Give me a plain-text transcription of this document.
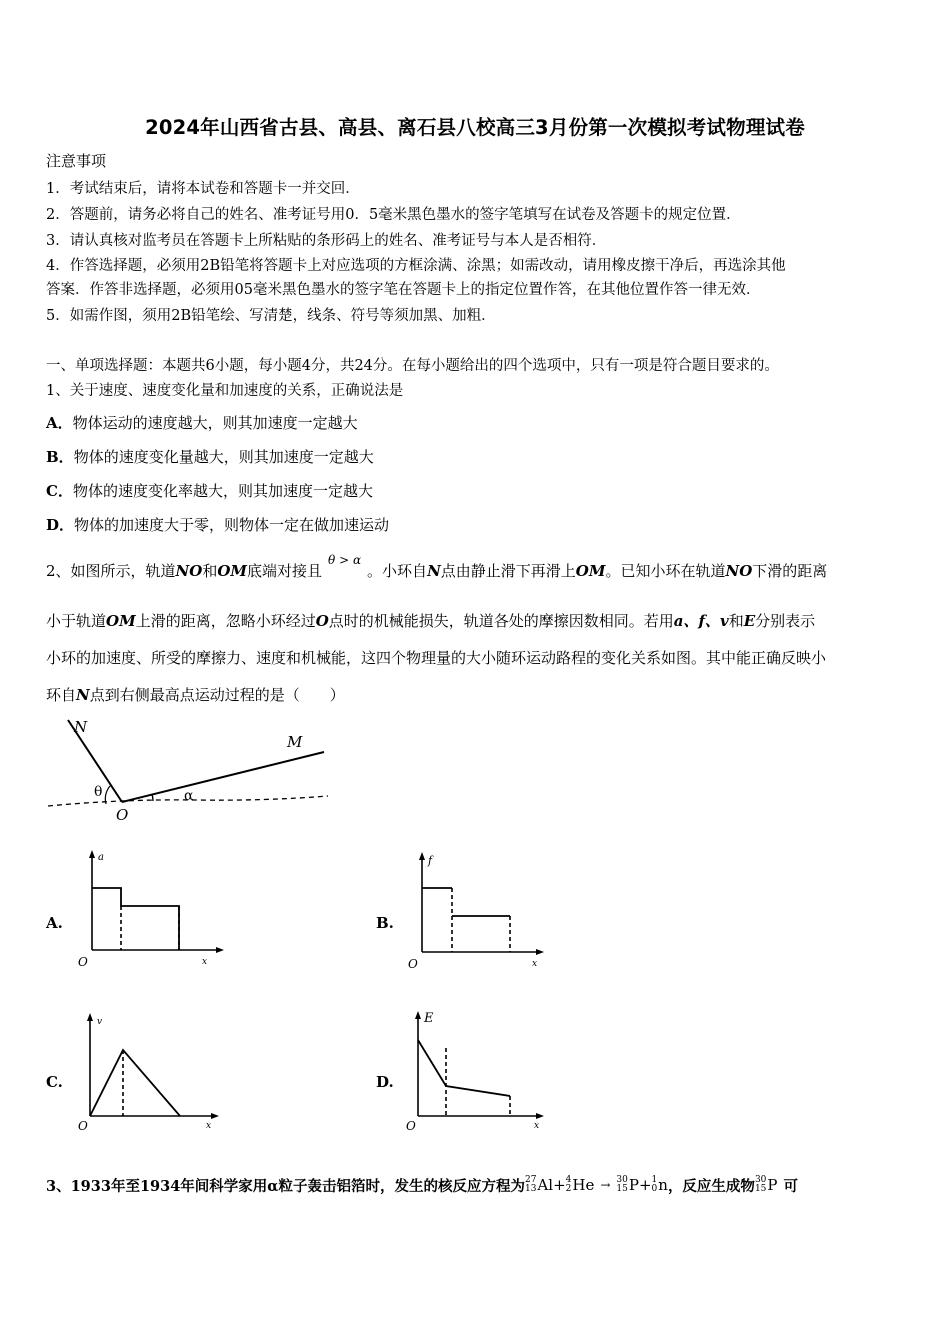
2024年山西省古县、高县、离石县八校高三3月份第一次模拟考试物理试卷
注意事项
1．考试结束后，请将本试卷和答题卡一并交回．
2．答题前，请务必将自己的姓名、准考证号用0．5毫米黑色墨水的签字笔填写在试卷及答题卡的规定位置．
3．请认真核对监考员在答题卡上所粘贴的条形码上的姓名、准考证号与本人是否相符．
4．作答选择题，必须用2B铅笔将答题卡上对应选项的方框涂满、涂黑；如需改动，请用橡皮擦干净后，再选涂其他
答案．作答非选择题，必须用05毫米黑色墨水的签字笔在答题卡上的指定位置作答，在其他位置作答一律无效．
5．如需作图，须用2B铅笔绘、写清楚，线条、符号等须加黑、加粗．
一、单项选择题：本题共6小题，每小题4分，共24分。在每小题给出的四个选项中，只有一项是符合题目要求的。
1、关于速度、速度变化量和加速度的关系，正确说法是
A．物体运动的速度越大，则其加速度一定越大
B．物体的速度变化量越大，则其加速度一定越大
C．物体的速度变化率越大，则其加速度一定越大
D．物体的加速度大于零，则物体一定在做加速运动
2、如图所示，轨道NO和OM底端对接且$^{\theta > \alpha}$。小环自N点由静止滑下再滑上OM。已知小环在轨道NO下滑的距离
小于轨道OM上滑的距离，忽略小环经过O点时的机械能损失，轨道各处的摩擦因数相同。若用a、f、v和E分别表示
小环的加速度、所受的摩擦力、速度和机械能，这四个物理量的大小随环运动路程的变化关系如图。其中能正确反映小
环自N点到右侧最高点运动过程的是（　　）
N
M
O
θ	α
A.
a
O	x
B.
f
O	x
C.
v
O	x
D.
E
O	x
3、1933年至1934年间科学家用α粒子轰击铝箔时，发生的核反应方程为 27
13 Al + 4
2 He → 30
15 P + 1
0 n ，反应生成物 30
15 P 可
